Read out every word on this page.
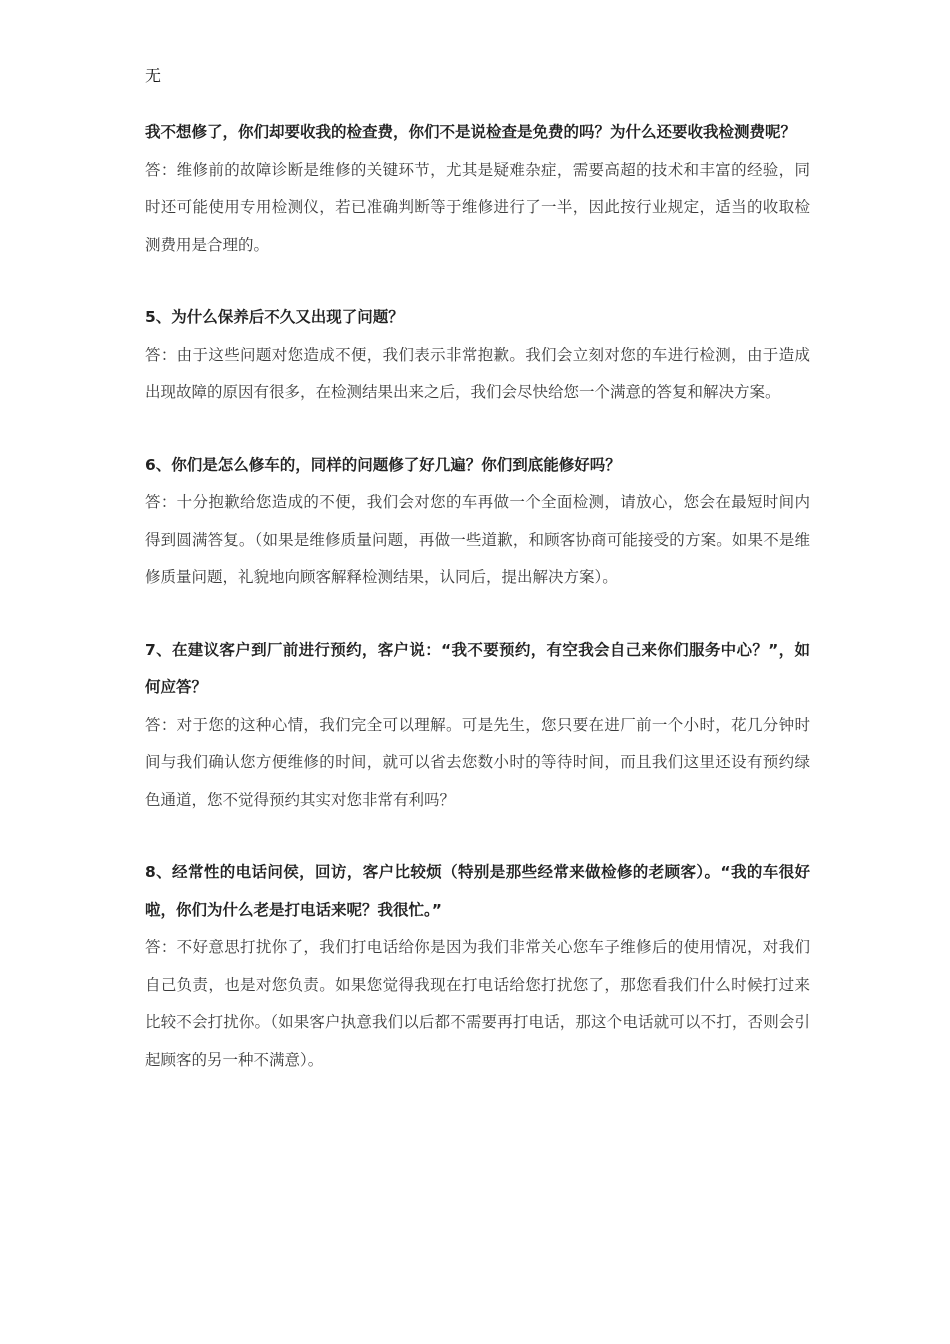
无

我不想修了，你们却要收我的检查费，你们不是说检查是免费的吗？为什么还要收我检测费呢？

答：维修前的故障诊断是维修的关键环节，尤其是疑难杂症，需要高超的技术和丰富的经验，同时还可能使用专用检测仪，若已准确判断等于维修进行了一半，因此按行业规定，适当的收取检测费用是合理的。

5、为什么保养后不久又出现了问题？

答：由于这些问题对您造成不便，我们表示非常抱歉。我们会立刻对您的车进行检测，由于造成出现故障的原因有很多，在检测结果出来之后，我们会尽快给您一个满意的答复和解决方案。

6、你们是怎么修车的，同样的问题修了好几遍？你们到底能修好吗？

答：十分抱歉给您造成的不便，我们会对您的车再做一个全面检测，请放心，您会在最短时间内得到圆满答复。（如果是维修质量问题，再做一些道歉，和顾客协商可能接受的方案。如果不是维修质量问题，礼貌地向顾客解释检测结果，认同后，提出解决方案）。

7、在建议客户到厂前进行预约，客户说：“我不要预约，有空我会自己来你们服务中心？”，如何应答？

答：对于您的这种心情，我们完全可以理解。可是先生，您只要在进厂前一个小时，花几分钟时间与我们确认您方便维修的时间，就可以省去您数小时的等待时间，而且我们这里还设有预约绿色通道，您不觉得预约其实对您非常有利吗？

8、经常性的电话问侯，回访，客户比较烦（特别是那些经常来做检修的老顾客）。“我的车很好啦，你们为什么老是打电话来呢？我很忙。”

答：不好意思打扰你了，我们打电话给你是因为我们非常关心您车子维修后的使用情况，对我们自己负责，也是对您负责。如果您觉得我现在打电话给您打扰您了，那您看我们什么时候打过来比较不会打扰你。（如果客户执意我们以后都不需要再打电话，那这个电话就可以不打，否则会引起顾客的另一种不满意）。
